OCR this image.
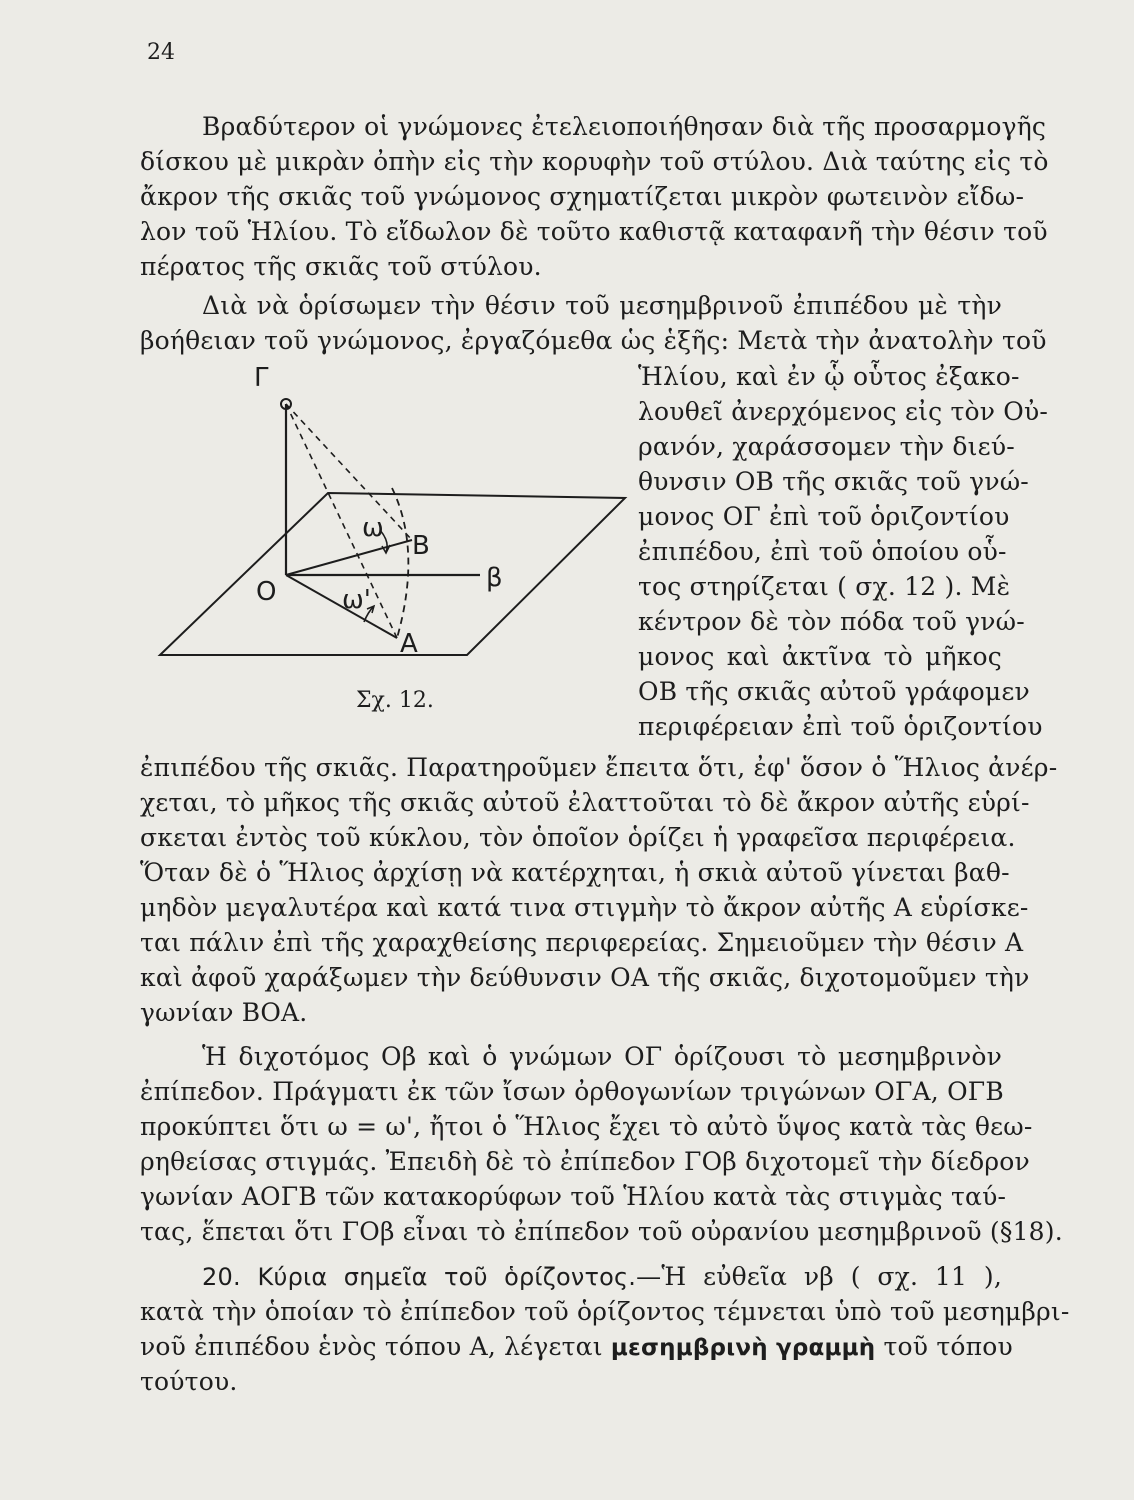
24
Βραδύτερον οἱ γνώμονες ἐτελειοποιήθησαν διὰ τῆς προσαρμογῆς
δίσκου μὲ μικρὰν ὀπὴν εἰς τὴν κορυφὴν τοῦ στύλου. Διὰ ταύτης εἰς τὸ
ἄκρον τῆς σκιᾶς τοῦ γνώμονος σχηματίζεται μικρὸν φωτεινὸν εἴδω-
λον τοῦ Ἡλίου. Τὸ εἴδωλον δὲ τοῦτο καθιστᾷ καταφανῆ τὴν θέσιν τοῦ
πέρατος τῆς σκιᾶς τοῦ στύλου.
Διὰ νὰ ὁρίσωμεν τὴν θέσιν τοῦ μεσημβρινοῦ ἐπιπέδου μὲ τὴν
βοήθειαν τοῦ γνώμονος, ἐργαζόμεθα ὡς ἑξῆς: Μετὰ τὴν ἀνατολὴν τοῦ
Ἡλίου, καὶ ἐν ᾧ οὗτος ἐξακο-
λουθεῖ ἀνερχόμενος εἰς τὸν Οὐ-
ρανόν, χαράσσομεν τὴν διεύ-
θυνσιν ΟΒ τῆς σκιᾶς τοῦ γνώ-
μονος ΟΓ ἐπὶ τοῦ ὁριζοντίου
ἐπιπέδου, ἐπὶ τοῦ ὁποίου οὗ-
τος στηρίζεται ( σχ. 12 ). Μὲ
κέντρον δὲ τὸν πόδα τοῦ γνώ-
μονος καὶ ἀκτῖνα τὸ μῆκος
ΟΒ τῆς σκιᾶς αὐτοῦ γράφομεν
περιφέρειαν ἐπὶ τοῦ ὁριζοντίου
Γ
O
B
β
A
ω
ω'
Σχ. 12.
ἐπιπέδου τῆς σκιᾶς. Παρατηροῦμεν ἔπειτα ὅτι, ἐφ' ὅσον ὁ Ἥλιος ἀνέρ-
χεται, τὸ μῆκος τῆς σκιᾶς αὐτοῦ ἐλαττοῦται τὸ δὲ ἄκρον αὐτῆς εὑρί-
σκεται ἐντὸς τοῦ κύκλου, τὸν ὁποῖον ὁρίζει ἡ γραφεῖσα περιφέρεια.
Ὅταν δὲ ὁ Ἥλιος ἀρχίσῃ νὰ κατέρχηται, ἡ σκιὰ αὐτοῦ γίνεται βαθ-
μηδὸν μεγαλυτέρα καὶ κατά τινα στιγμὴν τὸ ἄκρον αὐτῆς Α εὑρίσκε-
ται πάλιν ἐπὶ τῆς χαραχθείσης περιφερείας. Σημειοῦμεν τὴν θέσιν Α
καὶ ἀφοῦ χαράξωμεν τὴν δεύθυνσιν ΟΑ τῆς σκιᾶς, διχοτομοῦμεν τὴν
γωνίαν ΒΟΑ.
Ἡ διχοτόμος Οβ καὶ ὁ γνώμων ΟΓ ὁρίζουσι τὸ μεσημβρινὸν
ἐπίπεδον. Πράγματι ἐκ τῶν ἴσων ὀρθογωνίων τριγώνων ΟΓΑ, ΟΓΒ
προκύπτει ὅτι ω = ω', ἤτοι ὁ Ἥλιος ἔχει τὸ αὐτὸ ὕψος κατὰ τὰς θεω-
ρηθείσας στιγμάς. Ἐπειδὴ δὲ τὸ ἐπίπεδον ΓΟβ διχοτομεῖ τὴν δίεδρον
γωνίαν ΑΟΓΒ τῶν κατακορύφων τοῦ Ἡλίου κατὰ τὰς στιγμὰς ταύ-
τας, ἕπεται ὅτι ΓΟβ εἶναι τὸ ἐπίπεδον τοῦ οὐρανίου μεσημβρινοῦ (§18).
20. Κύρια σημεῖα τοῦ ὁρίζοντος.—Ἡ εὐθεῖα νβ ( σχ. 11 ),
κατὰ τὴν ὁποίαν τὸ ἐπίπεδον τοῦ ὁρίζοντος τέμνεται ὑπὸ τοῦ μεσημβρι-
νοῦ ἐπιπέδου ἑνὸς τόπου Α, λέγεται μεσημβρινὴ γραμμὴ τοῦ τόπου
τούτου.
